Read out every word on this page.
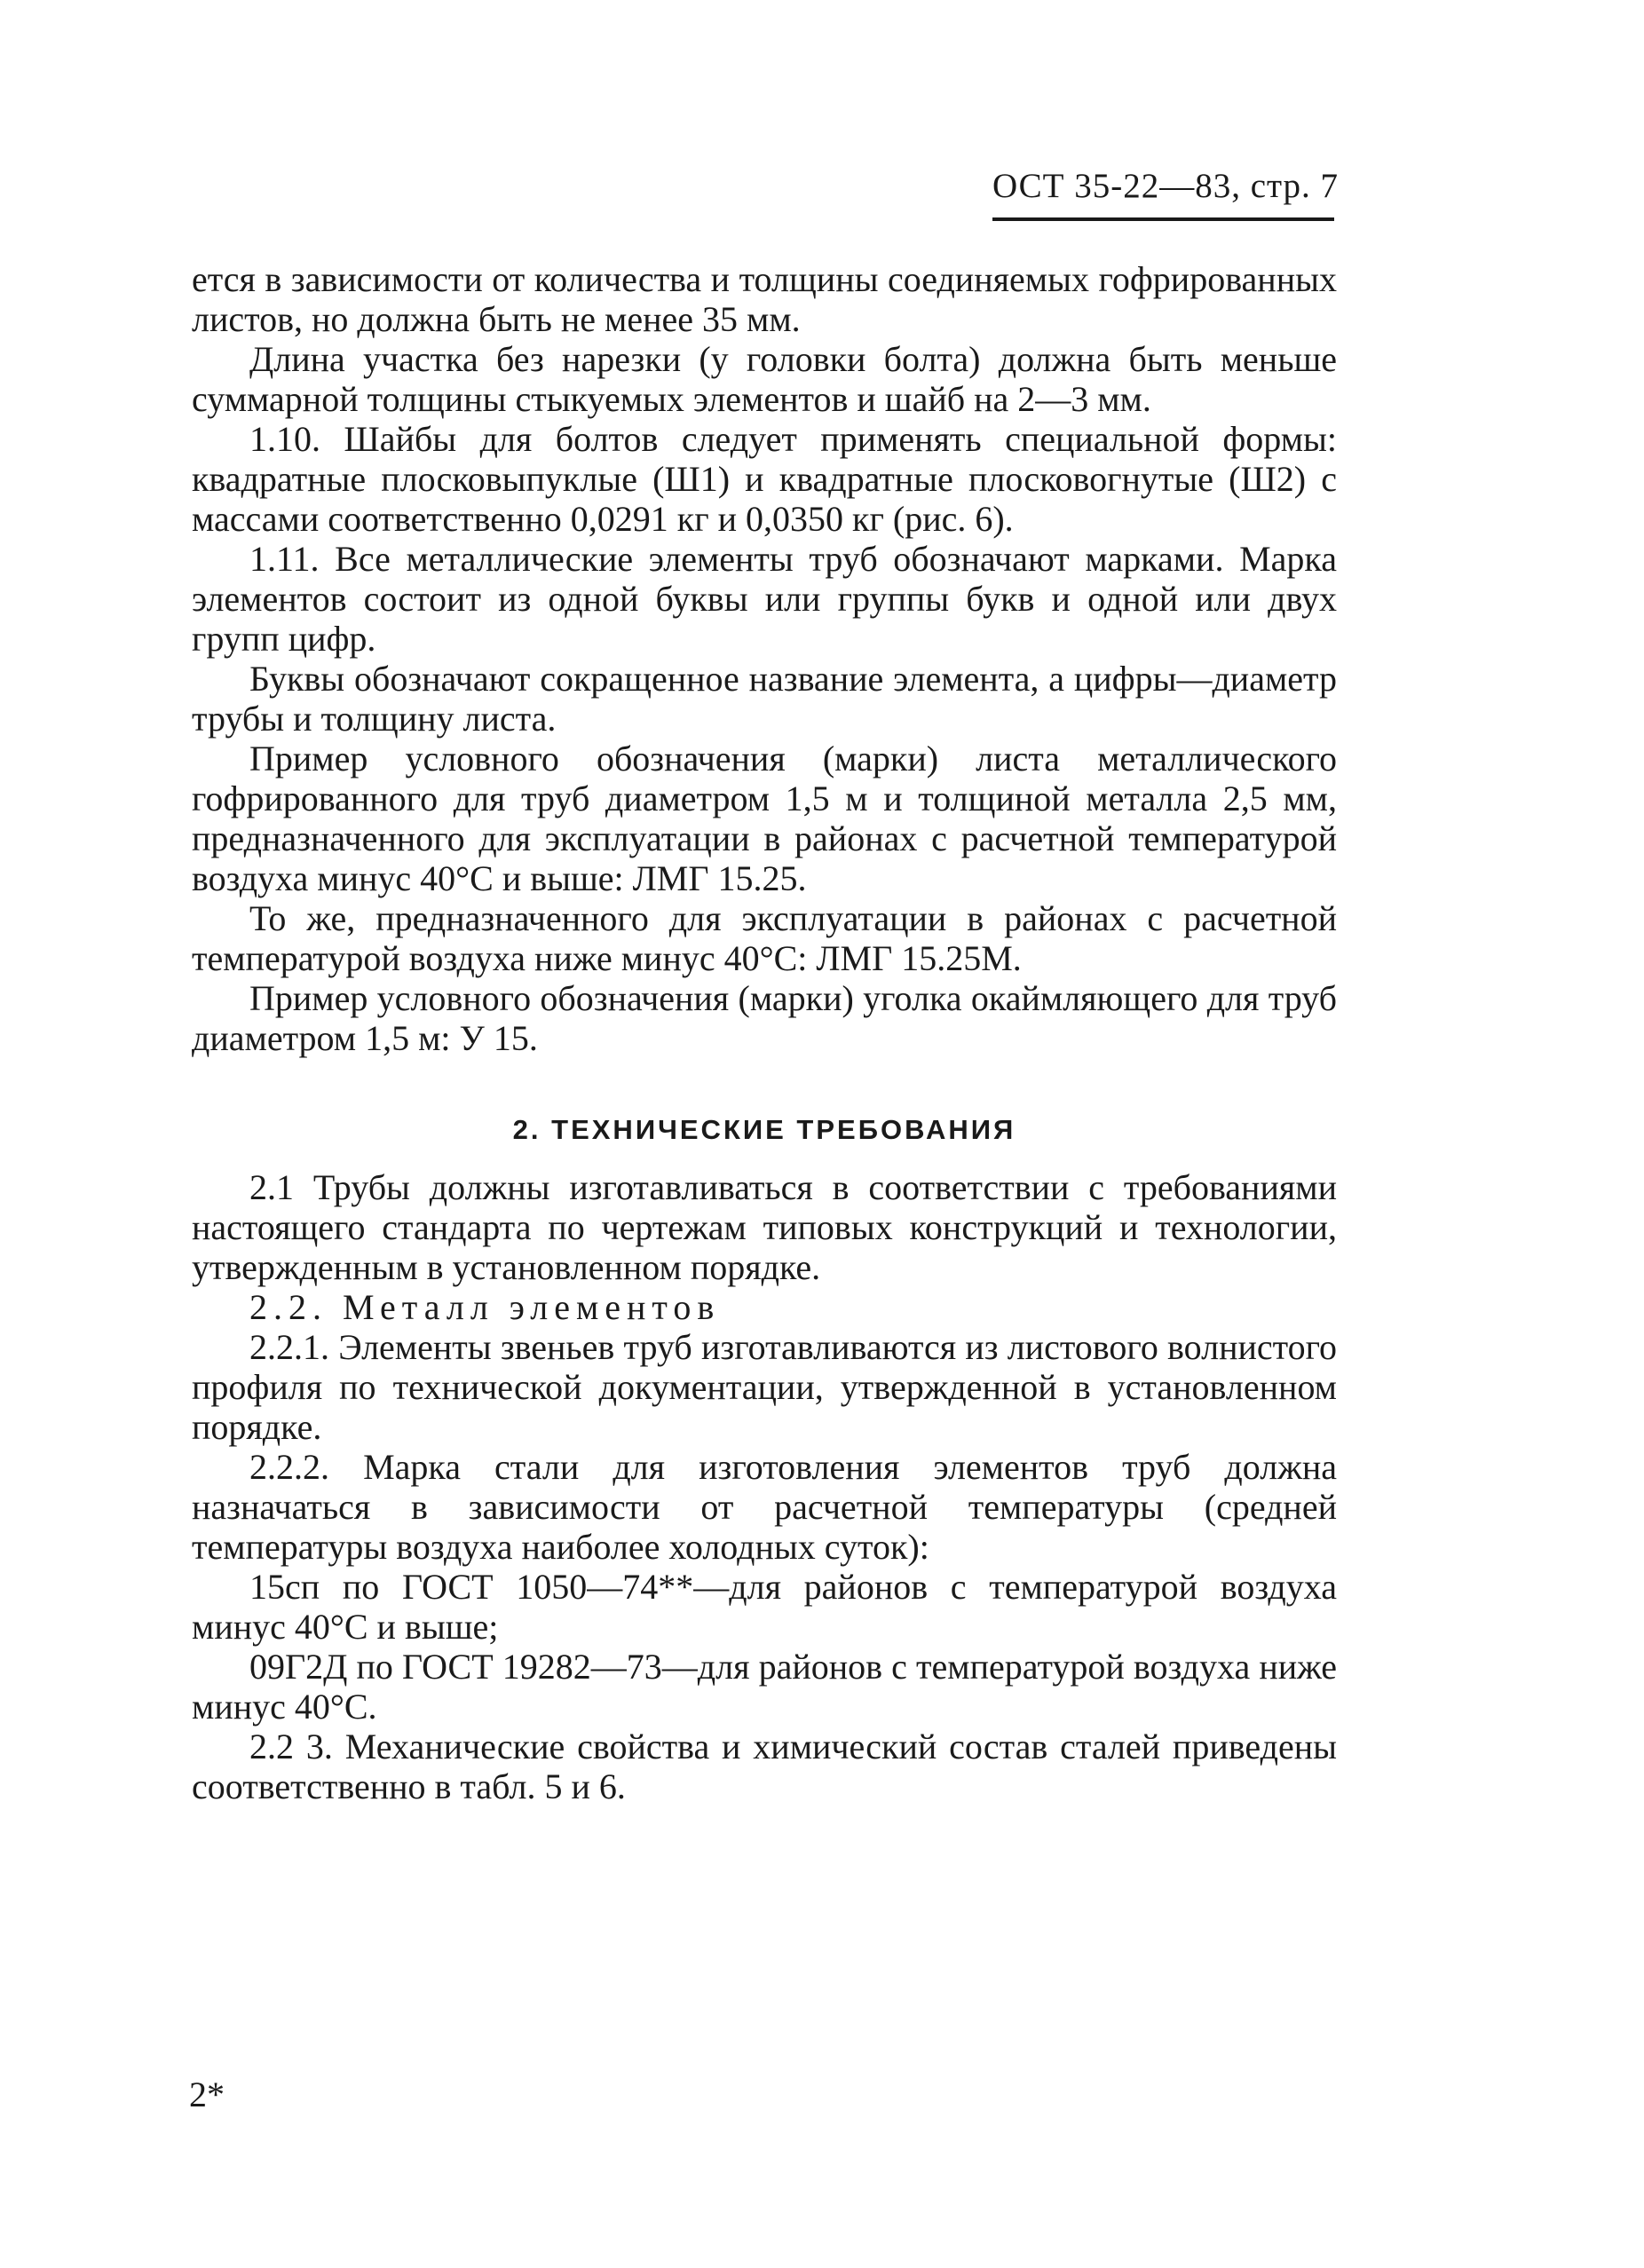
ОСТ 35-22—83, стр. 7

ется в зависимости от количества и толщины соединяемых гофрированных листов, но должна быть не менее 35 мм.

Длина участка без нарезки (у головки болта) должна быть меньше суммарной толщины стыкуемых элементов и шайб на 2—3 мм.

1.10. Шайбы для болтов следует применять специальной формы: квадратные плосковыпуклые (Ш1) и квадратные плосковогнутые (Ш2) с массами соответственно 0,0291 кг и 0,0350 кг (рис. 6).

1.11. Все металлические элементы труб обозначают марками. Марка элементов состоит из одной буквы или группы букв и одной или двух групп цифр.

Буквы обозначают сокращенное название элемента, а цифры—диаметр трубы и толщину листа.

Пример условного обозначения (марки) листа металлического гофрированного для труб диаметром 1,5 м и толщиной металла 2,5 мм, предназначенного для эксплуатации в районах с расчетной температурой воздуха минус 40°С и выше: ЛМГ 15.25.

То же, предназначенного для эксплуатации в районах с расчетной температурой воздуха ниже минус 40°С: ЛМГ 15.25М.

Пример условного обозначения (марки) уголка окаймляющего для труб диаметром 1,5 м: У 15.

2. ТЕХНИЧЕСКИЕ ТРЕБОВАНИЯ

2.1 Трубы должны изготавливаться в соответствии с требованиями настоящего стандарта по чертежам типовых конструкций и технологии, утвержденным в установленном порядке.

2.2. Металл элементов

2.2.1. Элементы звеньев труб изготавливаются из листового волнистого профиля по технической документации, утвержденной в установленном порядке.

2.2.2. Марка стали для изготовления элементов труб должна назначаться в зависимости от расчетной температуры (средней температуры воздуха наиболее холодных суток):

15сп по ГОСТ 1050—74**—для районов с температурой воздуха минус 40°С и выше;

09Г2Д по ГОСТ 19282—73—для районов с температурой воздуха ниже минус 40°С.

2.2 3. Механические свойства и химический состав сталей приведены соответственно в табл. 5 и 6.

2*
